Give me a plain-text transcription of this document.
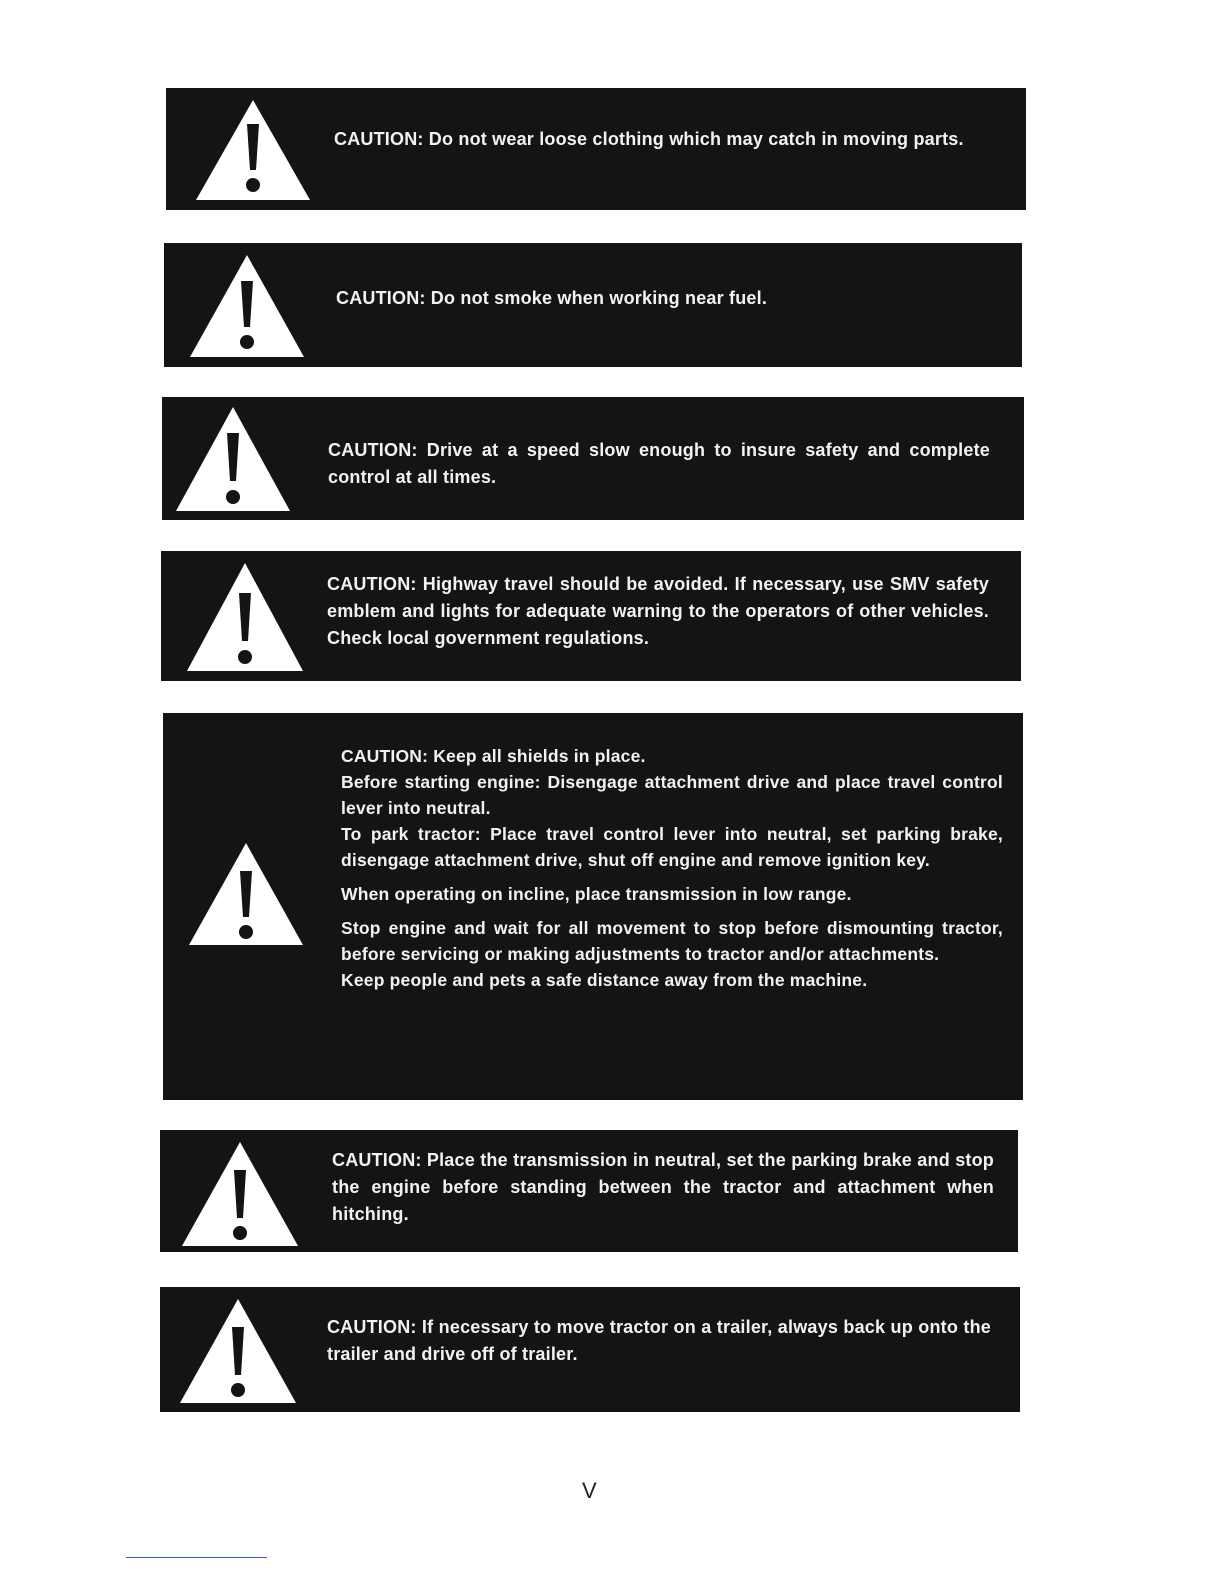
CAUTION: Do not wear loose clothing which may catch in moving parts.

CAUTION: Do not smoke when working near fuel.

CAUTION: Drive at a speed slow enough to insure safety and complete control at all times.

CAUTION: Highway travel should be avoided. If necessary, use SMV safety emblem and lights for adequate warning to the operators of other vehicles. Check local government regulations.

CAUTION: Keep all shields in place.

Before starting engine: Disengage attachment drive and place travel control lever into neutral.

To park tractor: Place travel control lever into neutral, set parking brake, disengage attachment drive, shut off engine and remove ignition key.

When operating on incline, place transmission in low range.

Stop engine and wait for all movement to stop before dismounting tractor, before servicing or making adjustments to tractor and/or attachments.

Keep people and pets a safe distance away from the machine.

CAUTION: Place the transmission in neutral, set the parking brake and stop the engine before standing between the tractor and attachment when hitching.

CAUTION: If necessary to move tractor on a trailer, always back up onto the trailer and drive off of trailer.

V
